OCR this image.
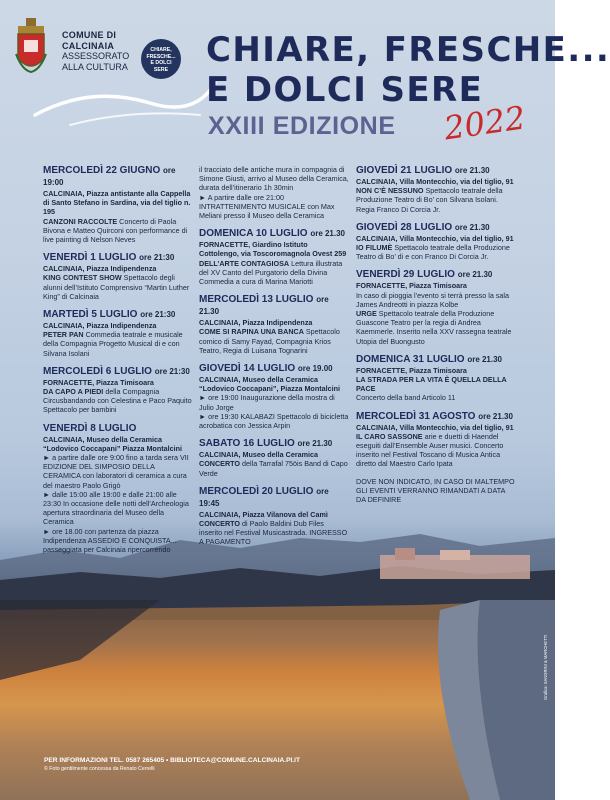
COMUNE DI
CALCINAIA
ASSESSORATO
ALLA CULTURA
CHIARE,
FRESCHE...
E DOLCI
SERE	CHIARE, FRESCHE...
E DOLCI SERE
XXIII EDIZIONE 2022
MERCOLEDÌ 22 GIUGNO ore 19:00
CALCINAIA, Piazza antistante alla Cappella di Santo Stefano in Sardina, via del tiglio n. 195
CANZONI RACCOLTE Concerto di Paola Bivona e Matteo Quirconi con performance di live painting di Nelson Neves
VENERDÌ 1 LUGLIO ore 21:30
CALCINAIA, Piazza Indipendenza
KING CONTEST SHOW Spettacolo degli alunni dell’Istituto Comprensivo “Martin Luther King” di Calcinaia
MARTEDÌ 5 LUGLIO ore 21:30
CALCINAIA, Piazza Indipendenza
PETER PAN Commedia teatrale e musicale della Compagnia Progetto Musical di e con Silvana Isolani
MERCOLEDÌ 6 LUGLIO ore 21:30
FORNACETTE, Piazza Timisoara
DA CAPO A PIEDI della Compagnia Circusbandando con Celestina e Paco Paquito Spettacolo per bambini
VENERDÌ 8 LUGLIO
CALCINAIA, Museo della Ceramica “Lodovico Coccapani” Piazza Montalcini
► a partire dalle ore 9:00 fino a tarda sera VII EDIZIONE DEL SIMPOSIO DELLA CERAMICA con laboratori di ceramica a cura del maestro Paolo Grigò
► dalle 15:00 alle 19:00 e dalle 21:00 alle 23:30 In occasione delle notti dell’Archeologia apertura straordinaria del Museo della Ceramica
► ore 18.00 con partenza da piazza Indipendenza ASSEDIO E CONQUISTA... passeggiata per Calcinaia ripercorrendo
il tracciato delle antiche mura in compagnia di Simone Giusti, arrivo al Museo della Ceramica, durata dell’itinerario 1h 30min
► A partire dalle ore 21:00 INTRATTENIMENTO MUSICALE con Max Meliani presso il Museo della Ceramica
DOMENICA 10 LUGLIO ore 21.30
FORNACETTE, Giardino Istituto Cottolengo, via Toscoromagnola Ovest 259
DELL’ARTE CONTAGIOSA Lettura illustrata del XV Canto del Purgatorio della Divina Commedia a cura di Marina Mariotti
MERCOLEDÌ 13 LUGLIO ore 21.30
CALCINAIA, Piazza Indipendenza
COME SI RAPINA UNA BANCA Spettacolo comico di Samy Fayad, Compagnia Krios Teatro, Regia di Luisana Tognarini
GIOVEDÌ 14 LUGLIO ore 19.00
CALCINAIA, Museo della Ceramica “Lodovico Coccapani”, Piazza Montalcini
► ore 19:00 Inaugurazione della mostra di Julio Jorge
► ore 19:30 KALABAZI Spettacolo di bicicletta acrobatica con Jessica Arpin
SABATO 16 LUGLIO ore 21.30
CALCINAIA, Museo della Ceramica
CONCERTO della Tarrafal 75öis Band di Capo Verde
MERCOLEDÌ 20 LUGLIO ore 19:45
CALCINAIA, Piazza Vilanova del Camì
CONCERTO di Paolo Baldini Dub Files inserito nel Festival Musicastrada. INGRESSO A PAGAMENTO
GIOVEDÌ 21 LUGLIO ore 21.30
CALCINAIA, Villa Montecchio, via del tiglio, 91
NON C’È NESSUNO Spettacolo teatrale della Produzione Teatro di Bo’ con Silvana Isolani. Regia Franco Di Corcia Jr.
GIOVEDÌ 28 LUGLIO ore 21.30
CALCINAIA, Villa Montecchio, via del tiglio, 91
IO FILUMÈ Spettacolo teatrale della Produzione Teatro di Bo’ di e con Franco Di Corcia Jr.
VENERDÌ 29 LUGLIO ore 21.30
FORNACETTE, Piazza Timisoara
In caso di pioggia l’evento si terrà presso la sala James Andreotti in piazza Kolbe
URGE Spettacolo teatrale della Produzione Guascone Teatro per la regia di Andrea Kaemmerle. Inserito nella XXV rassegna teatrale Utopia del Buongusto
DOMENICA 31 LUGLIO ore 21.30
FORNACETTE, Piazza Timisoara
LA STRADA PER LA VITA È QUELLA DELLA PACE
Concerto della band Articolo 11
MERCOLEDÌ 31 AGOSTO ore 21.30
CALCINAIA, Villa Montecchio, via del tiglio, 91
IL CARO SASSONE arie e duetti di Haendel eseguiti dall’Ensemble Auser musici. Concerto inserito nel Festival Toscano di Musica Antica diretto dal Maestro Carlo Ipata
DOVE NON INDICATO, IN CASO DI MALTEMPO GLI EVENTI VERRANNO RIMANDATI A DATA DA DEFINIRE
PER INFORMAZIONI TEL. 0587 265405 • BIBLIOTECA@COMUNE.CALCINAIA.PI.IT
© Foto gentilmente concessa da Renato Cerrelli
Grafica: SANDRINI & MARCHETTI
